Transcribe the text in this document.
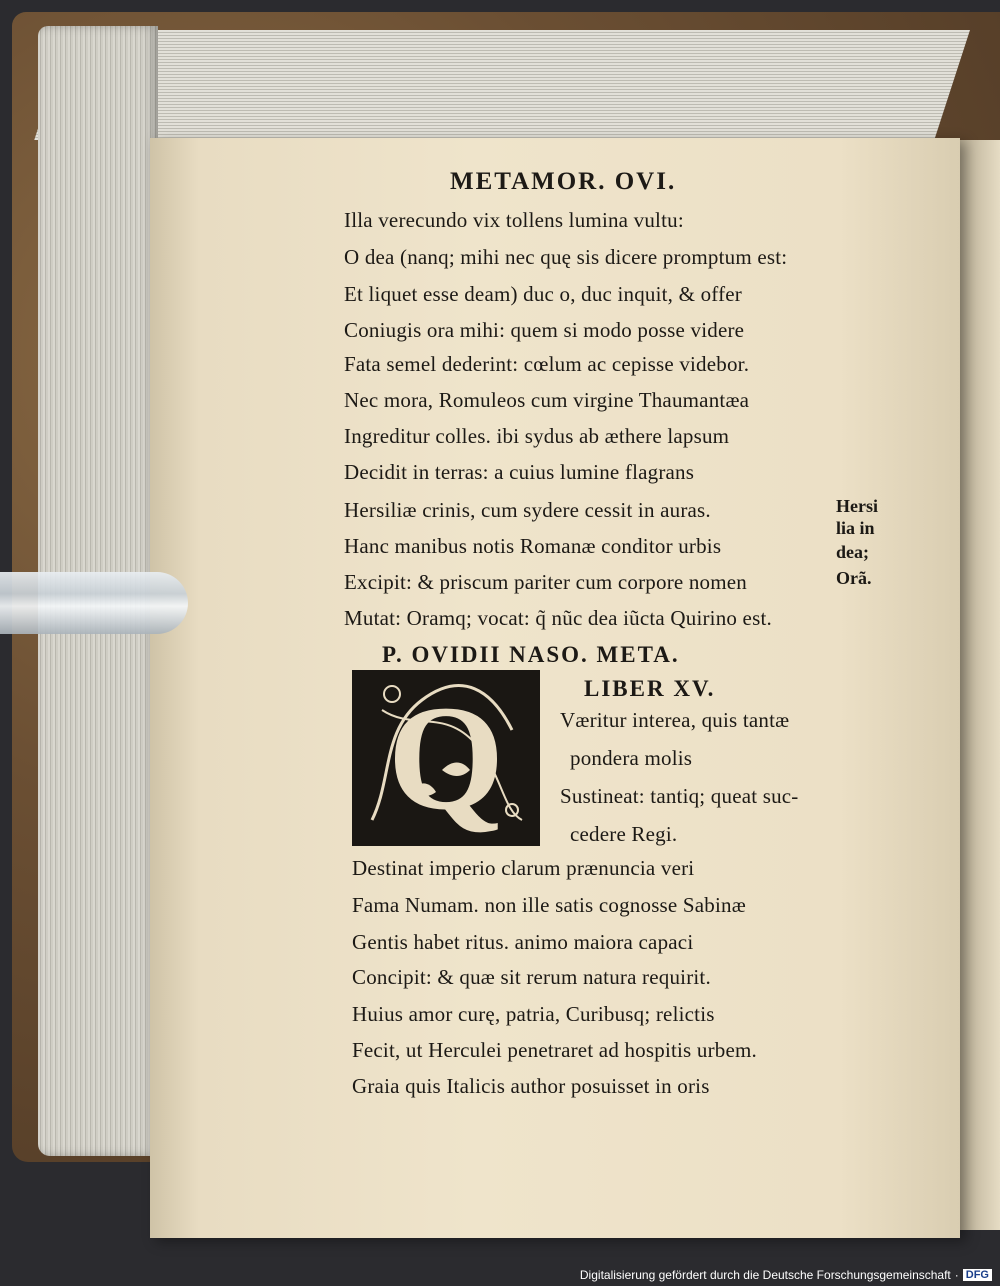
METAMOR. OVI.
Illa verecundo vix tollens lumina vultu:
O dea (nanq; mihi nec quę sis dicere promptum est:
Et liquet esse deam) duc o, duc inquit, & offer
Coniugis ora mihi: quem si modo posse videre
Fata semel dederint: cœlum ac cepisse videbor.
Nec mora, Romuleos cum virgine Thaumantæa
Ingreditur colles. ibi sydus ab æthere lapsum
Decidit in terras: a cuius lumine flagrans
Hersiliæ crinis, cum sydere cessit in auras.
Hanc manibus notis Romanæ conditor urbis
Excipit: & priscum pariter cum corpore nomen
Mutat: Oramq; vocat: q̃ nũc dea iũcta Quirino est.
Hersi
lia in
dea;
Orã.
P. OVIDII NASO. META.
LIBER XV.
Q	Væritur interea, quis tantæ
pondera molis
Sustineat: tantiq; queat suc-
cedere Regi.
Destinat imperio clarum prænuncia veri
Fama Numam. non ille satis cognosse Sabinæ
Gentis habet ritus. animo maiora capaci
Concipit: & quæ sit rerum natura requirit.
Huius amor curę, patria, Curibusq; relictis
Fecit, ut Herculei penetraret ad hospitis urbem.
Graia quis Italicis author posuisset in oris
Digitalisierung gefördert durch die Deutsche Forschungsgemeinschaft · DFG
